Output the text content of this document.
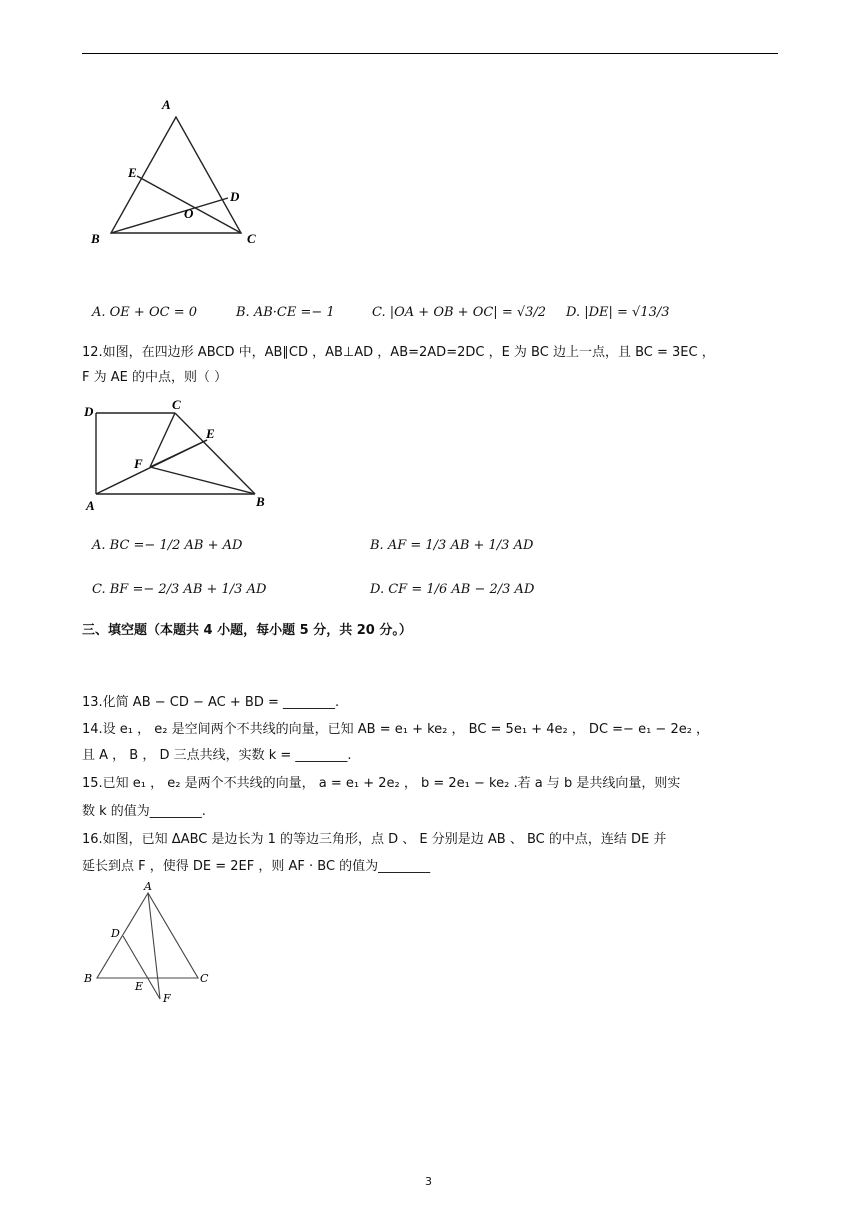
A
E
D
O
B	C
A. OE + OC = 0	B. AB·CE =− 1	C. |OA + OB + OC| = √3/2 D. |DE| = √13/3
12.如图，在四边形 ABCD 中，AB∥CD ，AB⊥AD ，AB=2AD=2DC ，E 为 BC 边上一点，且 BC = 3EC ，
F 为 AE 的中点，则（ ）
D	C
E
F
A	B
A. BC =− 1/2 AB + AD	B. AF = 1/3 AB + 1/3 AD
C. BF =− 2/3 AB + 1/3 AD	D. CF = 1/6 AB − 2/3 AD
三、填空题（本题共 4 小题，每小题 5 分，共 20 分。）
13.化简 AB − CD − AC + BD = ________.
14.设 e₁ ， e₂ 是空间两个不共线的向量，已知 AB = e₁ + ke₂ ， BC = 5e₁ + 4e₂ ， DC =− e₁ − 2e₂ ，
且 A ， B ， D 三点共线，实数 k = ________.
15.已知 e₁ ， e₂ 是两个不共线的向量， a = e₁ + 2e₂ ， b = 2e₁ − ke₂ .若 a 与 b 是共线向量，则实
数 k 的值为________.
16.如图，已知 ΔABC 是边长为 1 的等边三角形，点 D 、 E 分别是边 AB 、 BC 的中点，连结 DE 并
延长到点 F ，使得 DE = 2EF ，则 AF · BC 的值为________
A
D
B	C
E
F
3
